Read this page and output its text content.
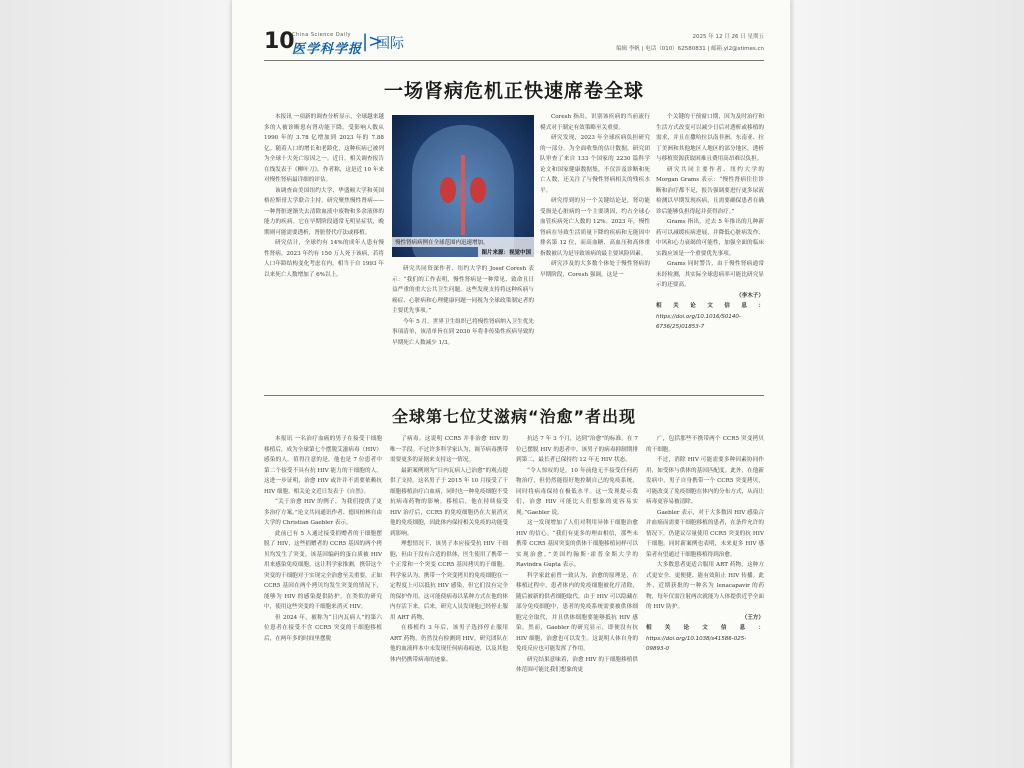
10
China Science Daily
医学科学报 |>
国际	2025 年 12 月 26 日 星期五
编辑 李帆 | 电话（010）62580831 | 邮箱 yl2@stimes.cn
一场肾病危机正快速席卷全球

本报讯 一项新的调查分析显示，全球越来越多的人被诊断患有肾功能下降。受影响人数从 1990 年的 3.78 亿增加到 2023 年的 7.88 亿。随着人口的增长和老龄化，这种疾病已被列为全球十大死亡原因之一。近日，相关调查报告在线发表于《柳叶刀》。作者称，这是近 10 年来对慢性肾病最详细的评估。

该调查由美国纽约大学、华盛顿大学和英国格拉斯哥大学联合主持。研究聚焦慢性肾病——一种肾脏逐渐失去清除血液中废物和多余液体的能力的疾病。它在早期阶段通常无明显症状，晚期则可能需要透析，肾脏替代疗法或移植。

研究估计，全球约有 14%的成年人患有慢性肾病。2023 年约有 150 万人死于该病，若将人口年龄结构变化考虑在内，相当于自 1993 年以来死亡人数增加了 6%以上。

慢性肾病病例在全球范围内迅速增加。
图片来源：视觉中国

研究共同资深作者、纽约大学的 Josef Coresh 表示：“我们的工作表明，慢性肾病是一种常见、致命且日益严重的重大公共卫生问题。这些发现支持将这种疾病与癌症、心脏病和心理健康问题一同视为全球政策制定者的主要优先事项。”

今年 5 月，世界卫生组织已将慢性肾病纳入卫生优先事项清单，该清单旨在到 2030 年将非传染性疾病导致的早期死亡人数减少 1/3。

Coresh 指出，识别该疾病的当前流行模式对于制定有效策略至关重要。

研究发现，2023 年全球疾病负担研究的一部分。为全面收集的估计数据，研究团队审查了来自 133 个国家的 2230 篇科学论文和国家健康数据集，不仅涉及诊断和死亡人数，还关注了与慢性肾病相关的残疾水平。

研究得到的另一个关键结论是，肾功能受损是心脏病的一个主要诱因，约占全球心血管疾病死亡人数的 12%。2023 年，慢性肾病在导致生活质量下降的疾病和无能因中排名第 12 位，而高血糖、高血压和高体重指数被认为是导致该病的最主要风险因素。

研究涉及的大多数个体处于慢性肾病的早期阶段，Coresh 强调，这是一

个关键的干预窗口期，因为及时治疗和生活方式改变可以减少日后对透析或移植的需求，并且在撒哈拉以南非洲、东南亚、拉丁美洲和其他地区人地区的部分地区，透析与移植资源获取困难且费用高昂难以负担。

研究共同主要作者、纽约大学的 Morgan Grams 表示：“慢性肾病往往诊断和治疗都不足，报告强调要进行更多尿液检测以早期发现疾病，且需要确保患者在确诊后能够负担得起并获得治疗。”

Grams 指出，过去 5 年推出的几种新药可以减缓疾病进展，并降低心脏病发作、中风和心力衰竭的可能性，加强全面的临床实践应该是一个重要优先事项。

Grams 同时警告，由于慢性肾病通常未经检测，其实际全球患病率可能比研究显示的还要高。

（李木子）

相关论文信息：https://doi.org/10.1016/S0140-6736(25)01853-7

全球第七位艾滋病“治愈”者出现

本报讯 一名治疗血癌的男子在接受干细胞移植后，成为全球第七个摆脱艾滋病毒（HIV）感染的人。值得注意的是，他也是 7 位患者中第二个接受不具有抗 HIV 能力的干细胞的人。这进一步证明，治愈 HIV 或许并不需要依赖抗 HIV 细胞。相关论文近日发表于《自然》。

“关于治愈 HIV 的例子，为我们提供了更多治疗方案。”论文共同通讯作者、德国柏林自由大学的 Christian Gaebler 表示。

此前已有 5 人通过接受捐赠者的干细胞摆脱了 HIV，这些捐赠者的 CCR5 基因的两个拷贝均发生了突变。该基因编码的蛋白质被 HIV 用来感染免疫细胞。这让科学家推测，携带这个突变的干细胞对于实现完全治愈至关重要。正如 CCR5 基因在两个拷贝均发生突变的情况下，能够为 HIV 的感染提供防护。在类似的研究中，使用这些突变的干细胞来消灭 HIV。

但 2024 年，被称为“日内瓦病人”的第六位患者在接受不含 CCR5 突变的干细胞移植后，在两年多的时间里摆脱

了病毒。这说明 CCR5 并非治愈 HIV 的唯一手段。不过许多科学家认为，调节病毒携带需要更多的证据来支持这一情况。

最新案例则为“日内瓦病人已治愈”的观点提供了支持。这名男子于 2015 年 10 月接受了干细胞移植治疗白血病，同时也一种免疫细胞不受抗病毒药物的影响。移植后，他在持续接受 HIV 治疗后，CCR5 的免疫细胞仍在大量消灭他的免疫细胞，因此体内保持相关免疫的功能受到影响。

理想情况下，该男子本应接受抗 HIV 干细胞，但由于没有合适的供体，医生使用了携带一个正常和一个突变 CCR5 基因拷贝的干细胞。科学家认为，携带一个突变拷贝的免疫细胞在一定程度上可以抵抗 HIV 感染，但它们没有完全的保护作用，这可能使病毒以某种方式在他的体内存活下来。后来，研究人员发现他已经停止服用 ART 药物。

在移植约 3 年后，该男子选择停止服用 ART 药物，仍然没有检测到 HIV。研究团队在他的血液样本中未发现任何病毒痕迹，以及其他体内仍携带病毒的迹象。

抗达 7 年 3 个月，达到“治愈”的标准。在 7 位已摆脱 HIV 的患者中，该男子的病毒抑制期排到第二，最长者已保持约 12 年无 HIV 状态。

“令人惊叹的是，10 年前他无不接受任何药物治疗，但仍然能很好地控制自己的免疫系统，同时将病毒保持在极低水平。这一发现提示我们，治愈 HIV 可能比人们想象的更容易实现。”Gaebler 说。

这一发现增加了人们对利用异体干细胞治愈 HIV 的信心。“我们有更多的理由相信，那些未携带 CCR5 基因突变的供体干细胞移植同样可以实现治愈。”美国约翰斯·霍普金斯大学的 Ravindra Gupta 表示。

科学家此前曾一致认为，治愈的原理是，在移植过程中，患者体内的免疫细胞被化疗清除，随后被新的供者细胞取代。由于 HIV 可以隐藏在部分免疫细胞中，患者的免疫系统需要被供体细胞完全取代，并且供体细胞要能够抵抗 HIV 感染。然而，Gaebler 的研究显示，即便没有抗 HIV 细胞，治愈也可以发生。这说明人体自身的免疫反应也可能发挥了作用。

研究结果意味着，治愈 HIV 的干细胞移植供体范围可能比我们想象的更

广，包括那些不携带两个 CCR5 突变拷贝的干细胞。

不过，消除 HIV 可能需要多种因素协同作用，如受体与供体的基因匹配度。此外，在他新发病中，男子自身携带一个 CCR5 突变拷贝，可能改变了免疫细胞在体内的分布方式，从而让病毒更容易被清除。

Gaebler 表示，对于大多数因 HIV 感染合并血癌而需要干细胞移植的患者，在条件允许的情况下，仍建议尽量使用 CCR5 突变的抗 HIV 干细胞。同时新案例也表明，未来更多 HIV 感染者有望通过干细胞移植得到治愈。

大多数患者更适合服用 ART 药物，这种方式更安全、更便捷、能有效阻止 HIV 传播。此外，近期获批的一种名为 lenacapavir 的药物，每年仅需注射两次就能为人体提供近乎全面的 HIV 防护。

（王方）

相关论文信息：https://doi.org/10.1038/s41586-025-09893-0
